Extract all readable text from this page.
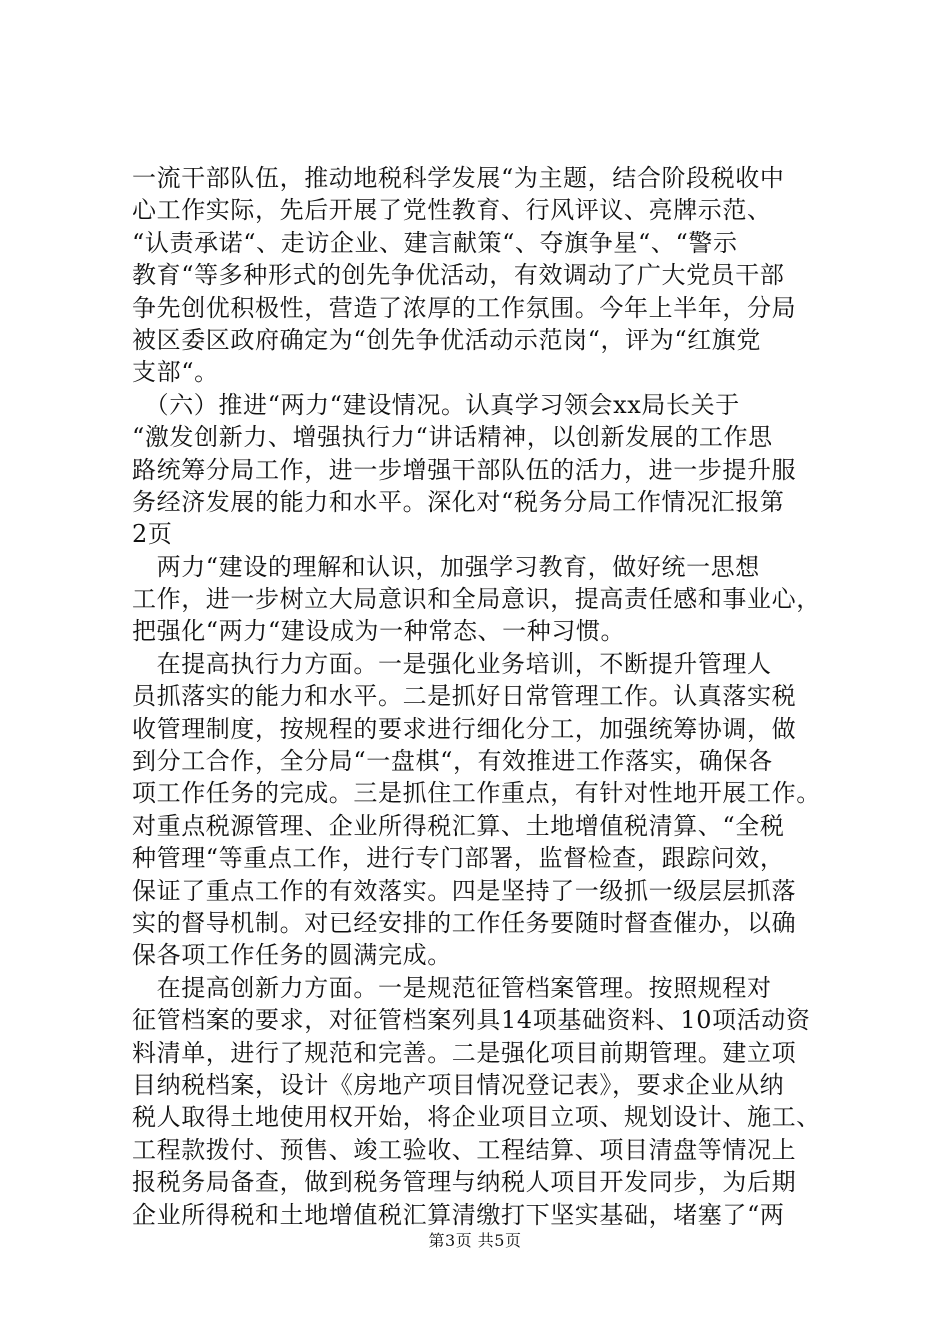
一流干部队伍，推动地税科学发展“为主题，结合阶段税收中
心工作实际，先后开展了党性教育、行风评议、亮牌示范、
“认责承诺“、走访企业、建言献策“、夺旗争星“、“警示
教育“等多种形式的创先争优活动，有效调动了广大党员干部
争先创优积极性，营造了浓厚的工作氛围。今年上半年，分局
被区委区政府确定为“创先争优活动示范岗“，评为“红旗党
支部“。
　（六）推进“两力“建设情况。认真学习领会xx局长关于
“激发创新力、增强执行力“讲话精神，以创新发展的工作思
路统筹分局工作，进一步增强干部队伍的活力，进一步提升服
务经济发展的能力和水平。深化对“税务分局工作情况汇报第
2页
　两力“建设的理解和认识，加强学习教育，做好统一思想
工作，进一步树立大局意识和全局意识，提高责任感和事业心，
把强化“两力“建设成为一种常态、一种习惯。
　在提高执行力方面。一是强化业务培训，不断提升管理人
员抓落实的能力和水平。二是抓好日常管理工作。认真落实税
收管理制度，按规程的要求进行细化分工，加强统筹协调，做
到分工合作，全分局“一盘棋“，有效推进工作落实，确保各
项工作任务的完成。三是抓住工作重点，有针对性地开展工作。
对重点税源管理、企业所得税汇算、土地增值税清算、“全税
种管理“等重点工作，进行专门部署，监督检查，跟踪问效，
保证了重点工作的有效落实。四是坚持了一级抓一级层层抓落
实的督导机制。对已经安排的工作任务要随时督查催办，以确
保各项工作任务的圆满完成。
　在提高创新力方面。一是规范征管档案管理。按照规程对
征管档案的要求，对征管档案列具14项基础资料、10项活动资
料清单，进行了规范和完善。二是强化项目前期管理。建立项
目纳税档案，设计《房地产项目情况登记表》，要求企业从纳
税人取得土地使用权开始，将企业项目立项、规划设计、施工、
工程款拨付、预售、竣工验收、工程结算、项目清盘等情况上
报税务局备查，做到税务管理与纳税人项目开发同步，为后期
企业所得税和土地增值税汇算清缴打下坚实基础，堵塞了“两
第3页 共5页
